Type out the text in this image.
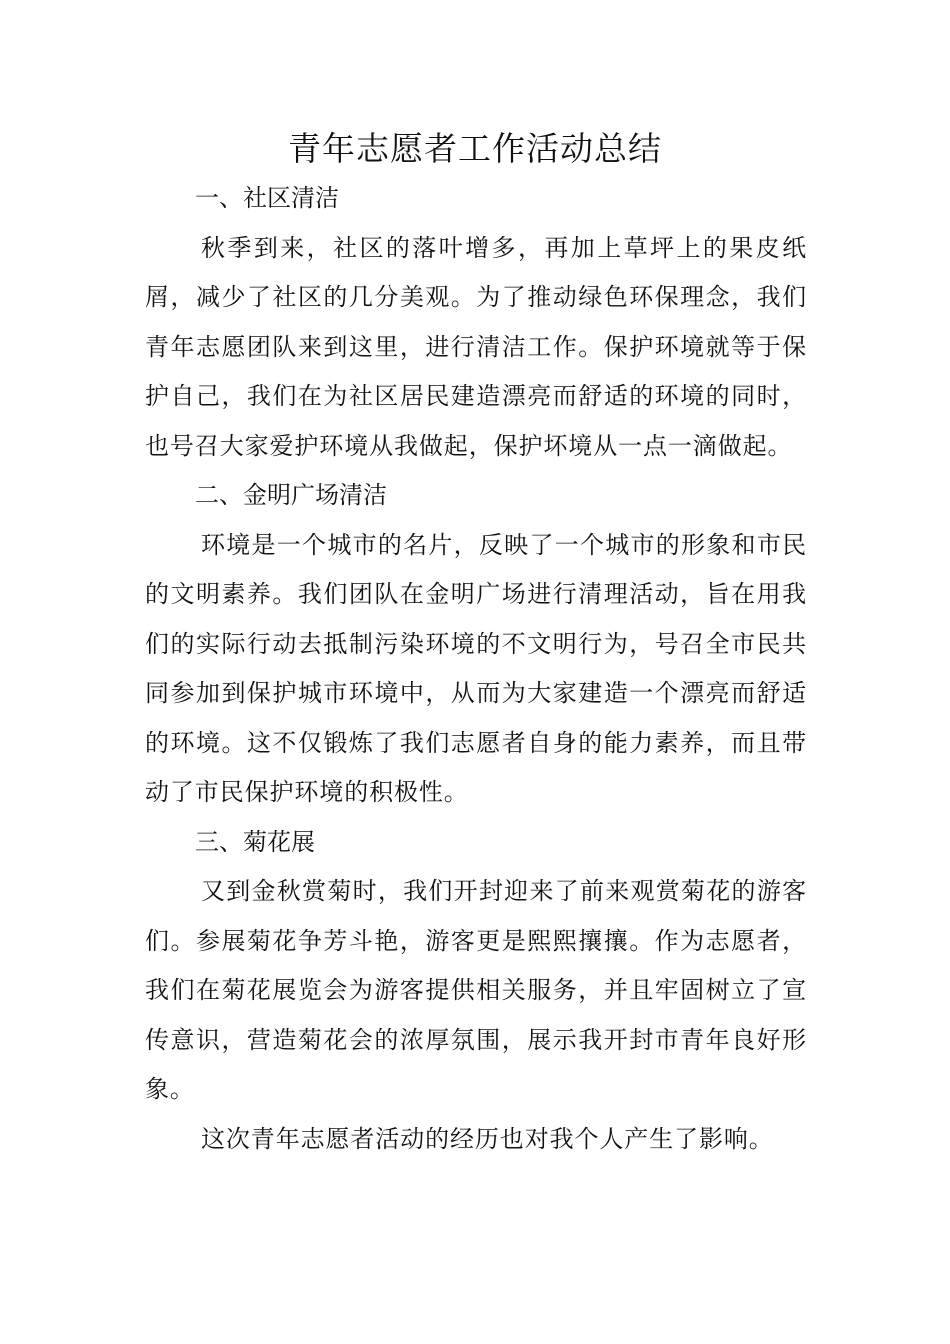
青年志愿者工作活动总结

一、社区清洁

秋季到来，社区的落叶增多，再加上草坪上的果皮纸屑，减少了社区的几分美观。为了推动绿色环保理念，我们青年志愿团队来到这里，进行清洁工作。保护环境就等于保护自己，我们在为社区居民建造漂亮而舒适的环境的同时，也号召大家爱护环境从我做起，保护坏境从一点一滴做起。

二、金明广场清洁

环境是一个城市的名片，反映了一个城市的形象和市民的文明素养。我们团队在金明广场进行清理活动，旨在用我们的实际行动去抵制污染环境的不文明行为，号召全市民共同参加到保护城市环境中，从而为大家建造一个漂亮而舒适的环境。这不仅锻炼了我们志愿者自身的能力素养，而且带动了市民保护环境的积极性。

三、菊花展

又到金秋赏菊时，我们开封迎来了前来观赏菊花的游客们。参展菊花争芳斗艳，游客更是熙熙攘攘。作为志愿者，我们在菊花展览会为游客提供相关服务，并且牢固树立了宣传意识，营造菊花会的浓厚氛围，展示我开封市青年良好形象。

这次青年志愿者活动的经历也对我个人产生了影响。
